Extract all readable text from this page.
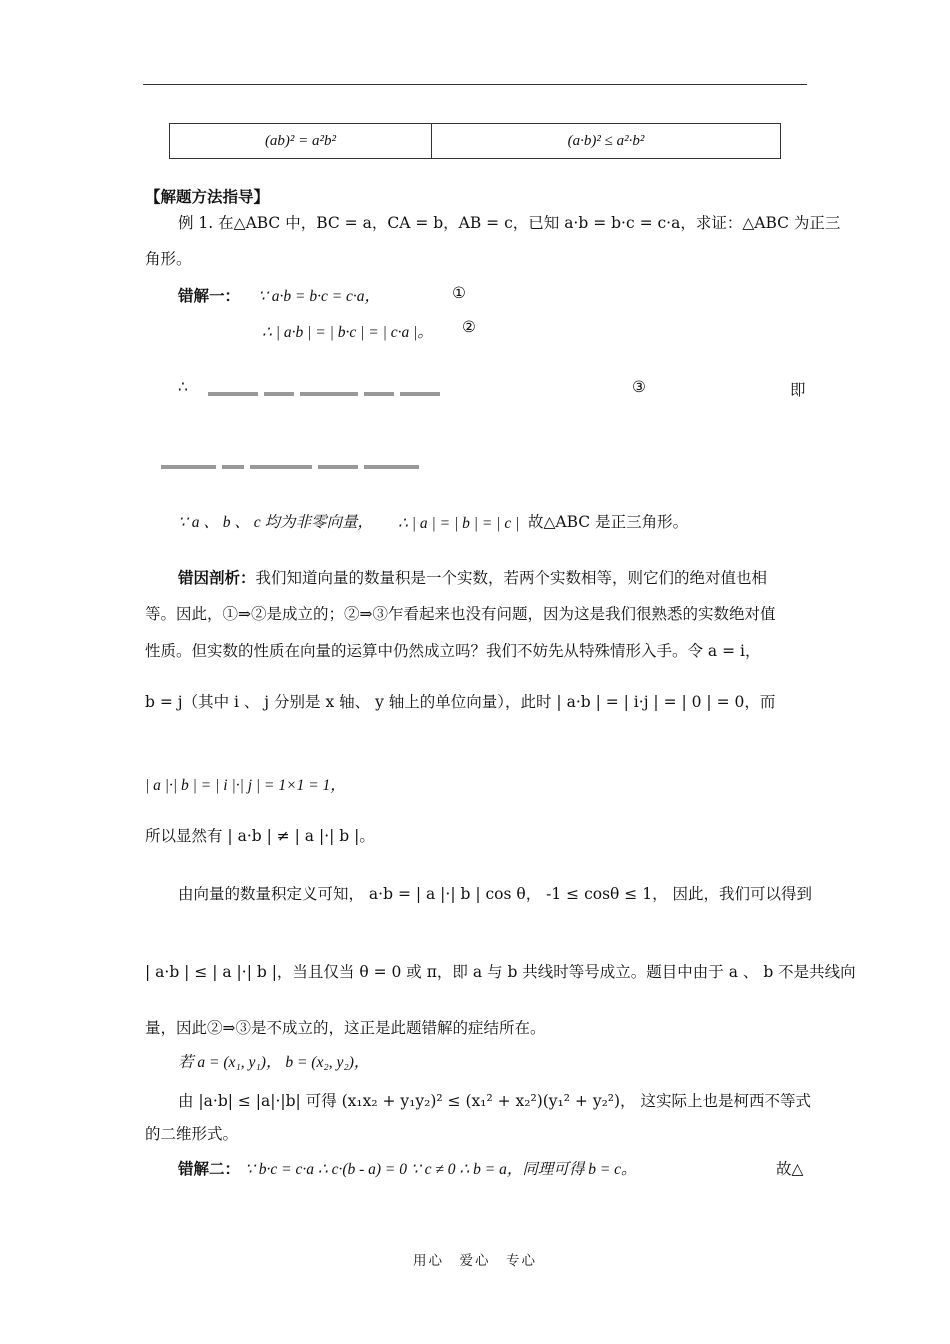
(ab)² = a²b²	(a·b)² ≤ a²·b²
【解题方法指导】
例 1. 在△ABC 中，BC = a，CA = b，AB = c，已知 a·b = b·c = c·a，求证：△ABC 为正三
角形。
错解一： ∵ a·b = b·c = c·a，	①
∴ | a·b | = | b·c | = | c·a |。 ②
∴	③	即
∵ a 、 b 、 c 均为非零向量， ∴ | a | = | b | = | c | 故△ABC 是正三角形。
错因剖析：我们知道向量的数量积是一个实数，若两个实数相等，则它们的绝对值也相
等。因此，①⇒②是成立的；②⇒③乍看起来也没有问题，因为这是我们很熟悉的实数绝对值
性质。但实数的性质在向量的运算中仍然成立吗？我们不妨先从特殊情形入手。令 a = i，
b = j（其中 i 、 j 分别是 x 轴、 y 轴上的单位向量），此时 | a·b | = | i·j | = | 0 | = 0，而
| a |·| b | = | i |·| j | = 1×1 = 1，
所以显然有 | a·b | ≠ | a |·| b |。
由向量的数量积定义可知， a·b = | a |·| b | cos θ， -1 ≤ cosθ ≤ 1， 因此，我们可以得到
| a·b | ≤ | a |·| b |，当且仅当 θ = 0 或 π，即 a 与 b 共线时等号成立。题目中由于 a 、 b 不是共线向
量，因此②⇒③是不成立的，这正是此题错解的症结所在。
若 a = (x₁, y₁)， b = (x₂, y₂)，
由 |a·b| ≤ |a|·|b| 可得 (x₁x₂ + y₁y₂)² ≤ (x₁² + x₂²)(y₁² + y₂²)， 这实际上也是柯西不等式
的二维形式。
错解二： ∵ b·c = c·a ∴ c·(b - a) = 0 ∵ c ≠ 0 ∴ b = a，同理可得 b = c。	故△
用心　爱心　专心
